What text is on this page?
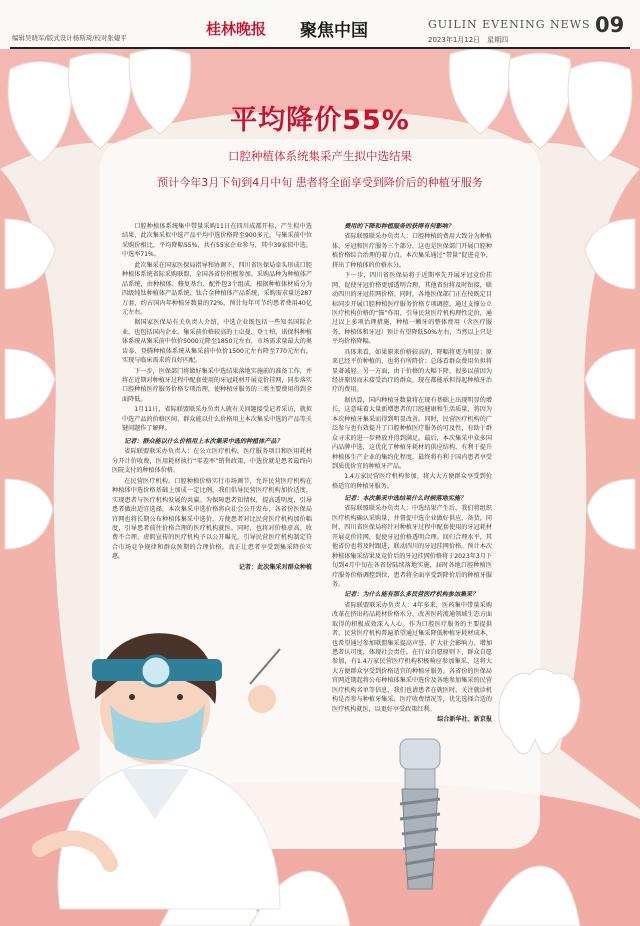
编辑吴晓军/版式设计杨斯琦/校对张婕平	桂林晚报 聚焦中国	GUILIN EVENING NEWS
2023年1月12日　星期四
09
平均降价55%
口腔种植体系统集采产生拟中选结果
预计今年3月下旬到4月中旬 患者将全面享受到降价后的种植牙服务

口腔种植体系统集中带量采购11日在四川成都开标，产生拟中选结果，此次集采拟中选产品平均中选价格降至900多元，与集采前中位采购价相比，平均降幅55%，共有55家企业参与，其中39家拟中选，中选率71%。

此次集采在国家医保局指导和协调下，四川省医保局牵头形成口腔种植体系统省际采购联盟，全国各省份积极参加。采购品种为种植体产品系统，由种植体、修复基台、配件包3个组成，根据种植体材质分为四级纯钛种植体产品系统、钛合金种植体产品系统，采购需求量达287万套，约占国内年种植牙数量的72%，预计每年可节约患者费用40亿元左右。

据国家医保局有关负责人介绍，中选企业既包括一些知名国际企业，也包括国内企业。集采前价格较高的士卓曼、登士柏、诺保科种植体系统从集采前中位价5000元降至1850元左右，市场需求量最大的奥齿泰、登腾种植体系统从集采前中位价1500元左右降至770元左右，实现与临床需求的良好匹配。

下一步，医保部门将做好集采中选结果落地实施前的准备工作，并将在近期对种植牙过程中配套使用的牙冠耗材开展竞价挂网，同步落实口腔种植医疗服务价格专项治理，使种植牙服务的三类主要费用得到全面降低。

1月11日，省际联盟联采办负责人就有关问题接受记者采访，就拟中选产品的价格区间、群众能以什么价格用上本次集采中选的产品等关键问题作了解释。

记者：群众能以什么价格用上本次集采中选的种植体产品？

省际联盟联采办负责人：在公立医疗机构，医疗服务项目和医用耗材分开计价收费，医用耗材执行“零差率”销售政策，中选价就是患者最终向医院支付的种植体价格。

在民营医疗机构，口腔种植价格实行市场调节，允许民营医疗机构在种植体中选价格基础上加成一定比例，我们倡导民营医疗机构加价适度，实现患者与医疗机构发展的共赢。为保障患者知情权，提高透明度，引导患者做出适宜选择，本次集采中选价格将向社会公开发布，各省份医保局官网也将长期公布种植体集采中选价，方便患者对比民营医疗机构加价幅度，引导患者前往价格合理的医疗机构就医。同时，也将对价格虚高、收费不合理、虚假宣传的医疗机构予以公开曝光，引导民营医疗机构制定符合市场竞争规律和群众预期的合理价格，真正让患者享受到集采降价实惠。

记者：此次集采对群众种植

费用的下降和种植服务的获得有何影响？

省际联盟联采办负责人：口腔种植的费用大致分为种植体、牙冠和医疗服务三个部分，这也是医保部门开展口腔种植价格综合治理的着力点。本次集采通过“带量”促进竞争，挤出了种植体的价格水分。

下一步，四川省医保局将于近期率先开展牙冠竞价挂网，促使牙冠价格更加透明合理，其他省份将及时衔接，联动四川的牙冠挂网价格。同时，各地医保部门正在按既定目标同步开展口腔种植医疗服务价格专项调控，通过支撑公立医疗机构价格的“锚”作用，引导民营医疗机构理性定价，通过以上多项治理措施，种植一颗牙的整体费用（含医疗服务、种植体和牙冠）预计有望降低50%左右，当然以上只是平均价格降幅。

具体来看，如果原来价格较高的，降幅将更为明显；原来已经平价种植的，也将有所降价；总体看群众费用负担将显著减轻。另一方面，由于价格的大幅下降，很多以前因为经济原因而未接受治疗的群众，现在都能承担得起种植牙治疗的费用。

据估算，国内种植牙数量将在现有基础上出现明显的增长，这意味着大量新增患者的口腔健康和生活质量，将因为本次种植牙集采而得到明显改善。同时，民营医疗机构的广泛参与也有效提升了口腔种植医疗服务的可及性，有助于群众寻求的进一步释放并得到满足。最后，本次集采中众多国内品牌中选，这优化了种植牙耗材的供应结构，有利于提升种植体生产企业的集约化程度，最终将有利于国内患者享受到质优价宜的种植牙产品。

1.4万家民营医疗机构参加，将大大方便群众享受到价格适宜的种植牙服务。

记者：本次集采中选结果什么时候落地实施？

省际联盟联采办负责人：中选结果产生后，我们将组织医疗机构确认采购量，并督促中选企业做好供应、备货。同时，四川省医保局将针对种植牙过程中配套使用的牙冠耗材开展竞价挂网，促使牙冠价格透明合理。回归合理水平，其他省份也将及时跟进，联动四川的牙冠挂网价格。预计本次种植体集采结果及竞价后的牙冠挂网价格将于2023年3月下旬到4月中旬在各省份陆续落地实施，届时各地口腔种植医疗服务价格调控到位，患者将全面享受到降价后的种植牙服务。

记者：为什么能有那么多民营医疗机构参加集采？

省际联盟联采办负责人：4年多来，医药集中带量采购改革在挤出药品耗材价格水分、改善医药流通领域生态方面取得的积极成效深入人心。作为口腔医疗服务的主要提供者，民营医疗机构普遍希望通过集采降低种植牙耗材成本，也希望通过参加联盟集采提高声誉、扩大社会影响力、增加患者认可度，体现社会责任。在行业自愿原则下，群众自愿参加，有1.4万家民营医疗机构积极响应参加集采，这将大大方便群众享受到价格适宜的种植牙服务。各省份的医保局官网近期起将公布种植体集采中选价及各地参加集采的民营医疗机构名单等信息，我们也请患者在就医时，关注就诊机构是否参与种植牙集采、医疗收费情况等，优先选择合适的医疗机构就医，以更好享受政策红利。

综合新华社、新京报
